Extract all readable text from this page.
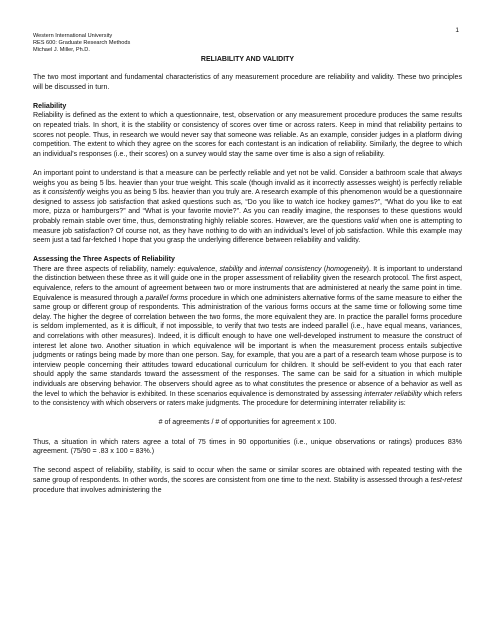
1
Western International University
RES 600: Graduate Research Methods
Michael J. Miller, Ph.D.
RELIABILITY AND VALIDITY

The two most important and fundamental characteristics of any measurement procedure are reliability and validity. These two principles will be discussed in turn.

Reliability

Reliability is defined as the extent to which a questionnaire, test, observation or any measurement procedure produces the same results on repeated trials. In short, it is the stability or consistency of scores over time or across raters. Keep in mind that reliability pertains to scores not people. Thus, in research we would never say that someone was reliable. As an example, consider judges in a platform diving competition. The extent to which they agree on the scores for each contestant is an indication of reliability. Similarly, the degree to which an individual’s responses (i.e., their scores) on a survey would stay the same over time is also a sign of reliability.

An important point to understand is that a measure can be perfectly reliable and yet not be valid. Consider a bathroom scale that always weighs you as being 5 lbs. heavier than your true weight. This scale (though invalid as it incorrectly assesses weight) is perfectly reliable as it consistently weighs you as being 5 lbs. heavier than you truly are. A research example of this phenomenon would be a questionnaire designed to assess job satisfaction that asked questions such as, “Do you like to watch ice hockey games?”, “What do you like to eat more, pizza or hamburgers?” and “What is your favorite movie?”. As you can readily imagine, the responses to these questions would probably remain stable over time, thus, demonstrating highly reliable scores. However, are the questions valid when one is attempting to measure job satisfaction? Of course not, as they have nothing to do with an individual’s level of job satisfaction. While this example may seem just a tad far-fetched I hope that you grasp the underlying difference between reliability and validity.

Assessing the Three Aspects of Reliability

There are three aspects of reliability, namely: equivalence, stability and internal consistency (homogeneity). It is important to understand the distinction between these three as it will guide one in the proper assessment of reliability given the research protocol. The first aspect, equivalence, refers to the amount of agreement between two or more instruments that are administered at nearly the same point in time. Equivalence is measured through a parallel forms procedure in which one administers alternative forms of the same measure to either the same group or different group of respondents. This administration of the various forms occurs at the same time or following some time delay. The higher the degree of correlation between the two forms, the more equivalent they are. In practice the parallel forms procedure is seldom implemented, as it is difficult, if not impossible, to verify that two tests are indeed parallel (i.e., have equal means, variances, and correlations with other measures). Indeed, it is difficult enough to have one well-developed instrument to measure the construct of interest let alone two. Another situation in which equivalence will be important is when the measurement process entails subjective judgments or ratings being made by more than one person. Say, for example, that you are a part of a research team whose purpose is to interview people concerning their attitudes toward educational curriculum for children. It should be self-evident to you that each rater should apply the same standards toward the assessment of the responses. The same can be said for a situation in which multiple individuals are observing behavior. The observers should agree as to what constitutes the presence or absence of a behavior as well as the level to which the behavior is exhibited. In these scenarios equivalence is demonstrated by assessing interrater reliability which refers to the consistency with which observers or raters make judgments. The procedure for determining interrater reliability is:

# of agreements / # of opportunities for agreement x 100.

Thus, a situation in which raters agree a total of 75 times in 90 opportunities (i.e., unique observations or ratings) produces 83% agreement. (75/90 = .83 x 100 = 83%.)

The second aspect of reliability, stability, is said to occur when the same or similar scores are obtained with repeated testing with the same group of respondents. In other words, the scores are consistent from one time to the next. Stability is assessed through a test-retest procedure that involves administering the
